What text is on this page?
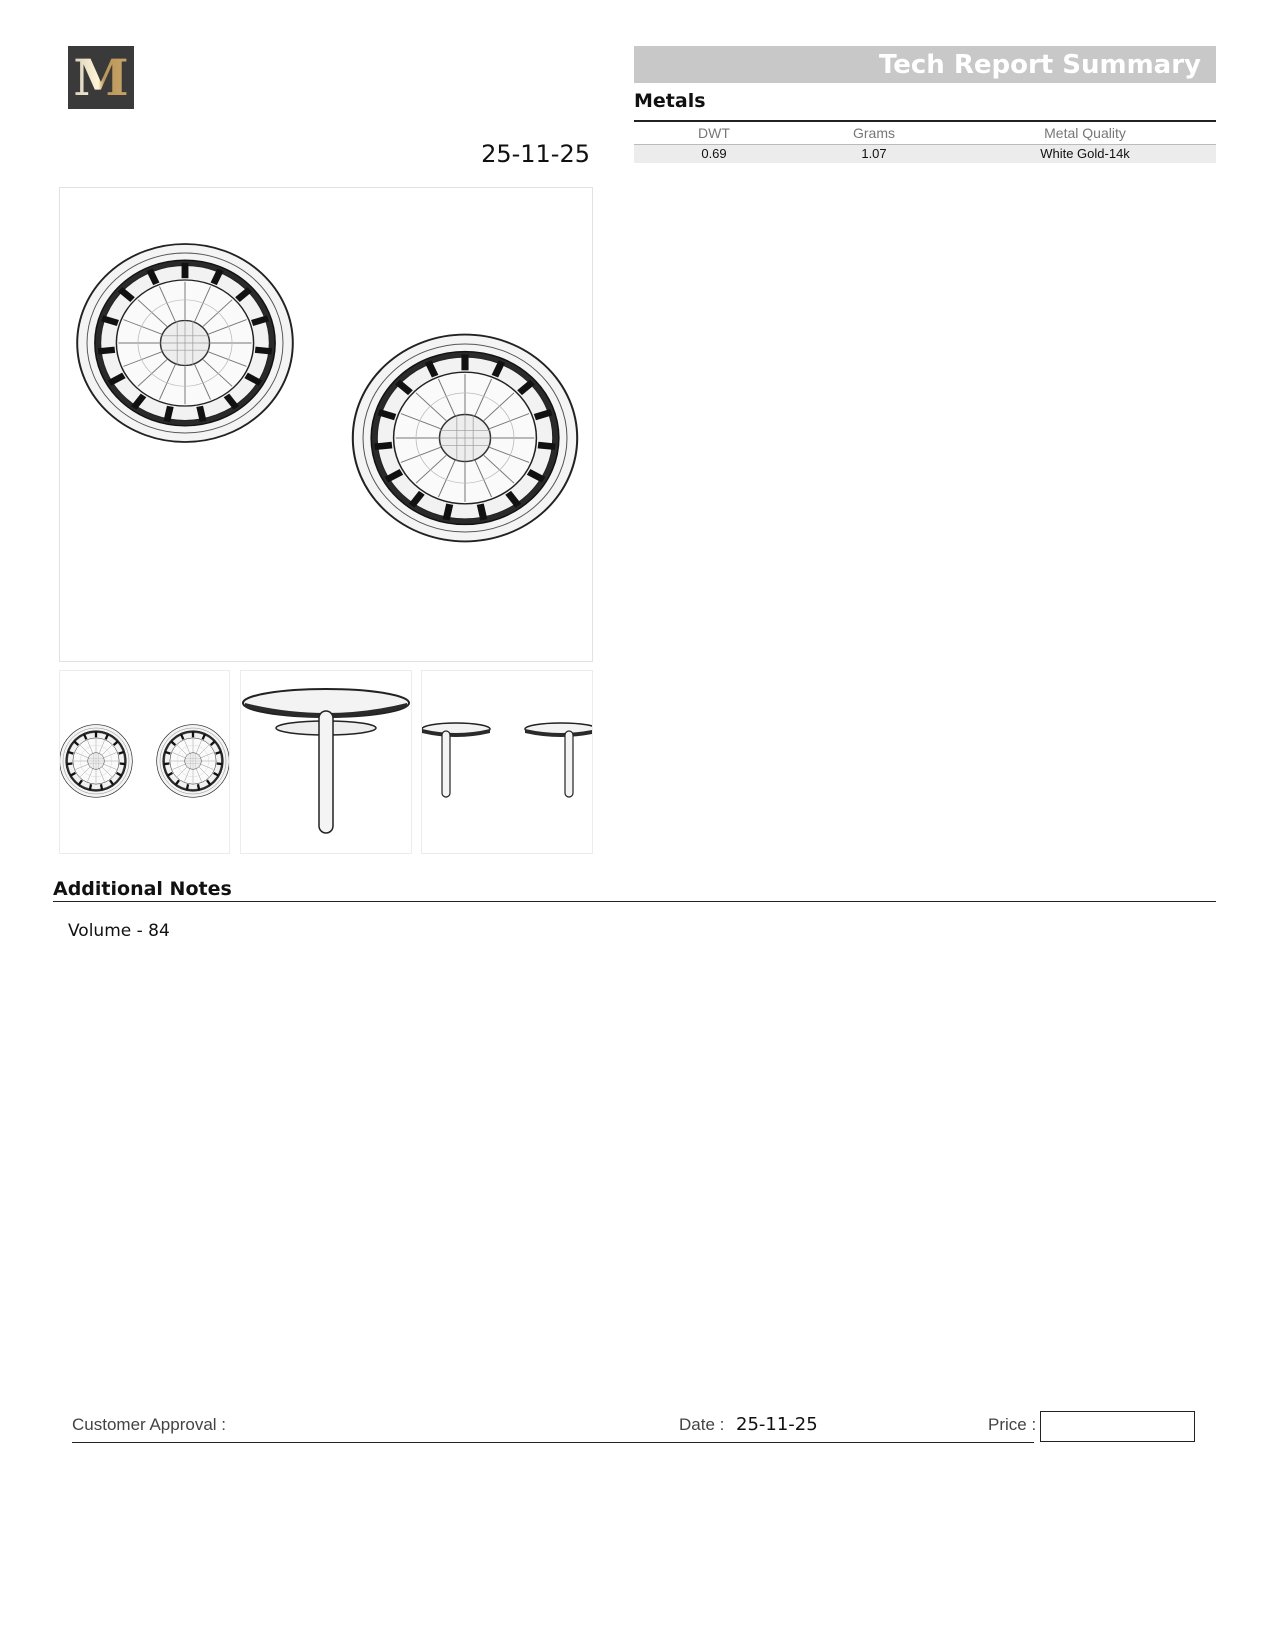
M
25-11-25
Tech Report Summary
Metals
DWT	Grams	Metal Quality
0.69	1.07	White Gold-14k
Additional Notes
Volume - 84
Customer Approval :	Date : 25-11-25	Price :
